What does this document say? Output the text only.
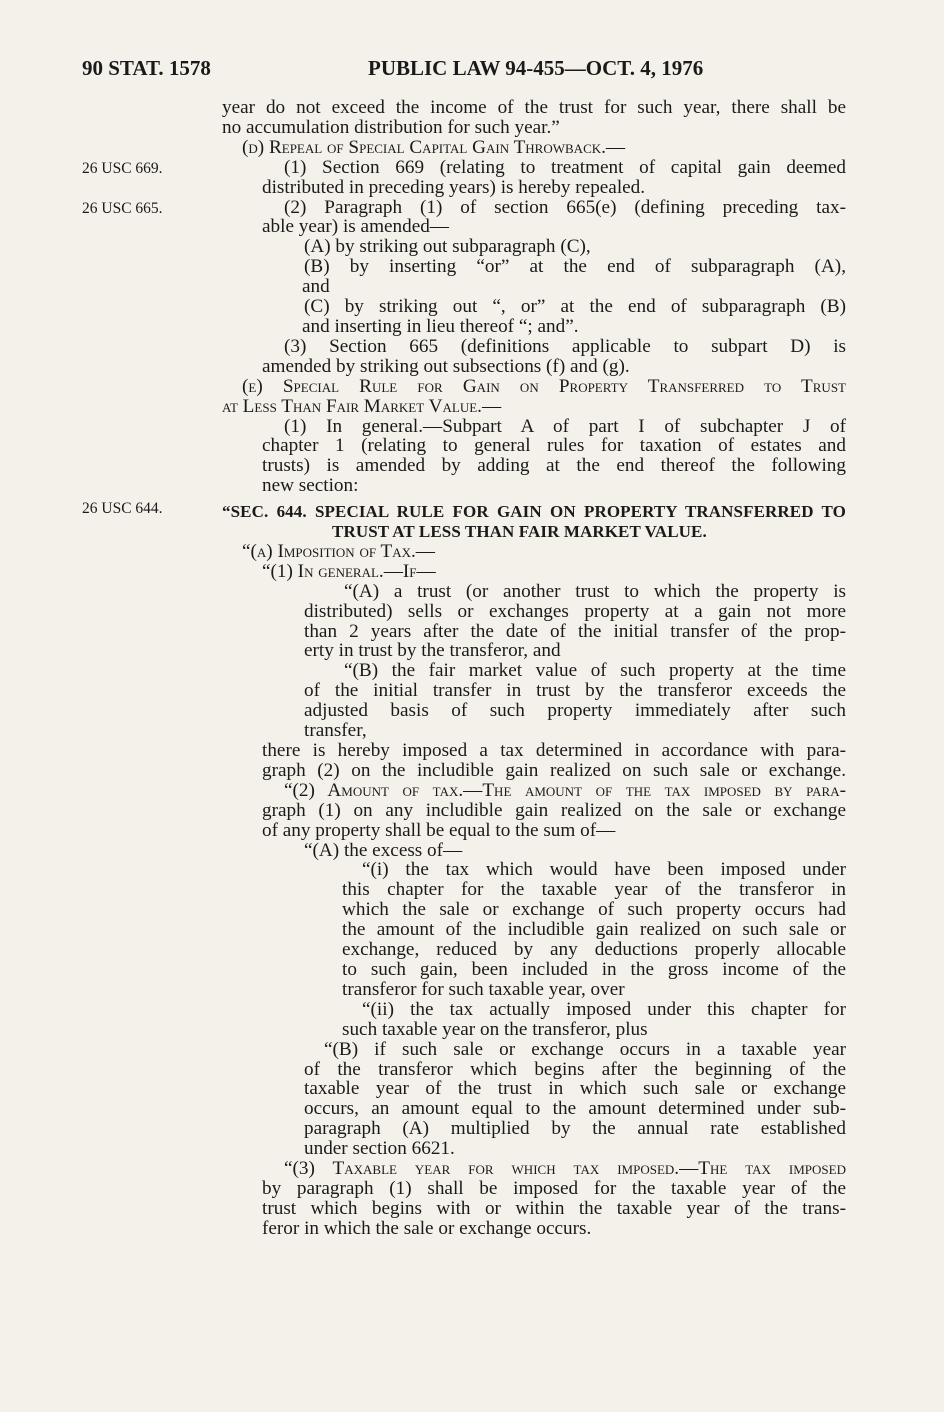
90 STAT. 1578	PUBLIC LAW 94-455—OCT. 4, 1976
26 USC 669.
26 USC 665.
26 USC 644.
year do not exceed the income of the trust for such year, there shall be
no accumulation distribution for such year.”
(d) Repeal of Special Capital Gain Throwback.—
(1) Section 669 (relating to treatment of capital gain deemed
distributed in preceding years) is hereby repealed.
(2) Paragraph (1) of section 665(e) (defining preceding tax-
able year) is amended—
(A) by striking out subparagraph (C),
(B) by inserting “or” at the end of subparagraph (A),
and
(C) by striking out “, or” at the end of subparagraph (B)
and inserting in lieu thereof “; and”.
(3) Section 665 (definitions applicable to subpart D) is
amended by striking out subsections (f) and (g).
(e) Special Rule for Gain on Property Transferred to Trust
at Less Than Fair Market Value.—
(1) In general.—Subpart A of part I of subchapter J of
chapter 1 (relating to general rules for taxation of estates and
trusts) is amended by adding at the end thereof the following
new section:
“SEC. 644. SPECIAL RULE FOR GAIN ON PROPERTY TRANSFERRED TO
TRUST AT LESS THAN FAIR MARKET VALUE.
“(a) Imposition of Tax.—
“(1) In general.—If—
“(A) a trust (or another trust to which the property is
distributed) sells or exchanges property at a gain not more
than 2 years after the date of the initial transfer of the prop-
erty in trust by the transferor, and
“(B) the fair market value of such property at the time
of the initial transfer in trust by the transferor exceeds the
adjusted basis of such property immediately after such
transfer,
there is hereby imposed a tax determined in accordance with para-
graph (2) on the includible gain realized on such sale or exchange.
“(2) Amount of tax.—The amount of the tax imposed by para-
graph (1) on any includible gain realized on the sale or exchange
of any property shall be equal to the sum of—
“(A) the excess of—
“(i) the tax which would have been imposed under
this chapter for the taxable year of the transferor in
which the sale or exchange of such property occurs had
the amount of the includible gain realized on such sale or
exchange, reduced by any deductions properly allocable
to such gain, been included in the gross income of the
transferor for such taxable year, over
“(ii) the tax actually imposed under this chapter for
such taxable year on the transferor, plus
“(B) if such sale or exchange occurs in a taxable year
of the transferor which begins after the beginning of the
taxable year of the trust in which such sale or exchange
occurs, an amount equal to the amount determined under sub-
paragraph (A) multiplied by the annual rate established
under section 6621.
“(3) Taxable year for which tax imposed.—The tax imposed
by paragraph (1) shall be imposed for the taxable year of the
trust which begins with or within the taxable year of the trans-
feror in which the sale or exchange occurs.
